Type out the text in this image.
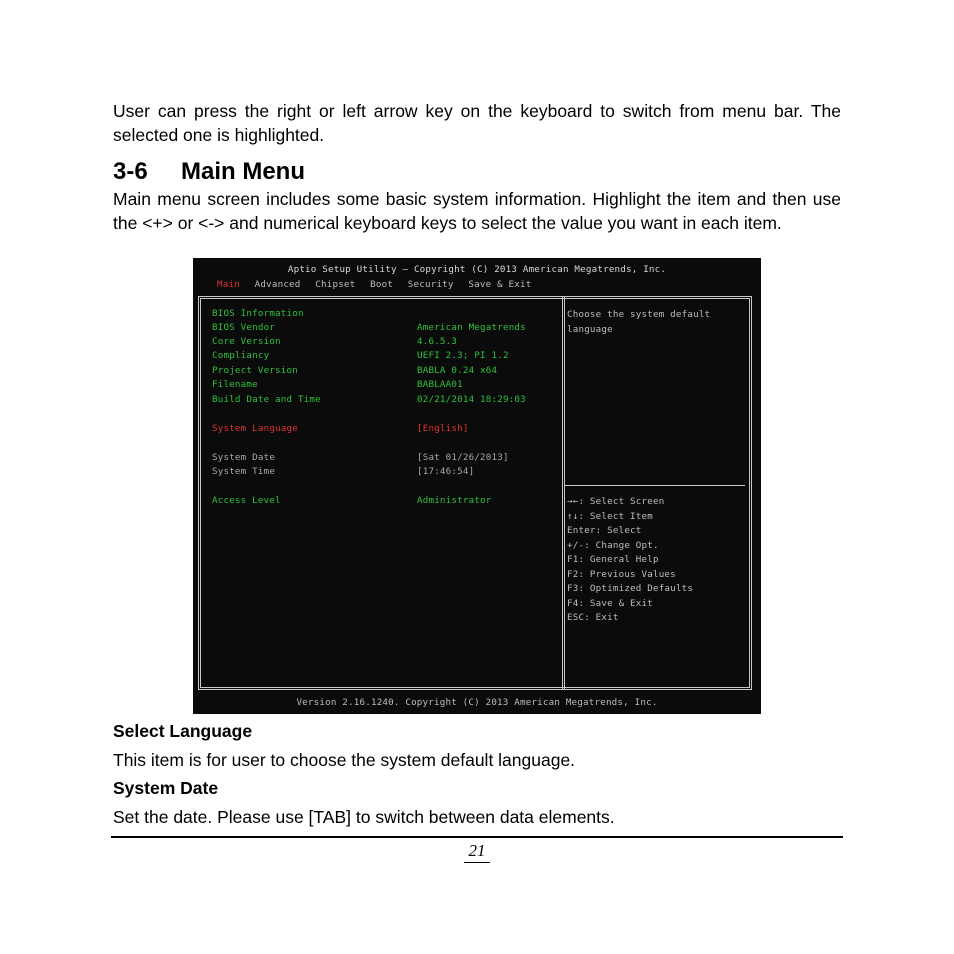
User can press the right or left arrow key on the keyboard to switch from menu bar. The selected one is highlighted.
3-6 Main Menu
Main menu screen includes some basic system information. Highlight the item and then use the <+> or <-> and numerical keyboard keys to select the value you want in each item.
Aptio Setup Utility – Copyright (C) 2013 American Megatrends, Inc.
Main Advanced Chipset Boot Security Save & Exit
BIOS Information
BIOS Vendor	American Megatrends
Core Version	4.6.5.3
Compliancy	UEFI 2.3; PI 1.2
Project Version	BABLA 0.24 x64
Filename	BABLAA01
Build Date and Time	02/21/2014 18:29:03
System Language	[English]
System Date	[Sat 01/26/2013]
System Time	[17:46:54]
Access Level	Administrator
Choose the system default
language
→←: Select Screen
↑↓: Select Item
Enter: Select
+/-: Change Opt.
F1: General Help
F2: Previous Values
F3: Optimized Defaults
F4: Save & Exit
ESC: Exit
Version 2.16.1240. Copyright (C) 2013 American Megatrends, Inc.
Select Language
This item is for user to choose the system default language.
System Date
Set the date. Please use [TAB] to switch between data elements.
21
